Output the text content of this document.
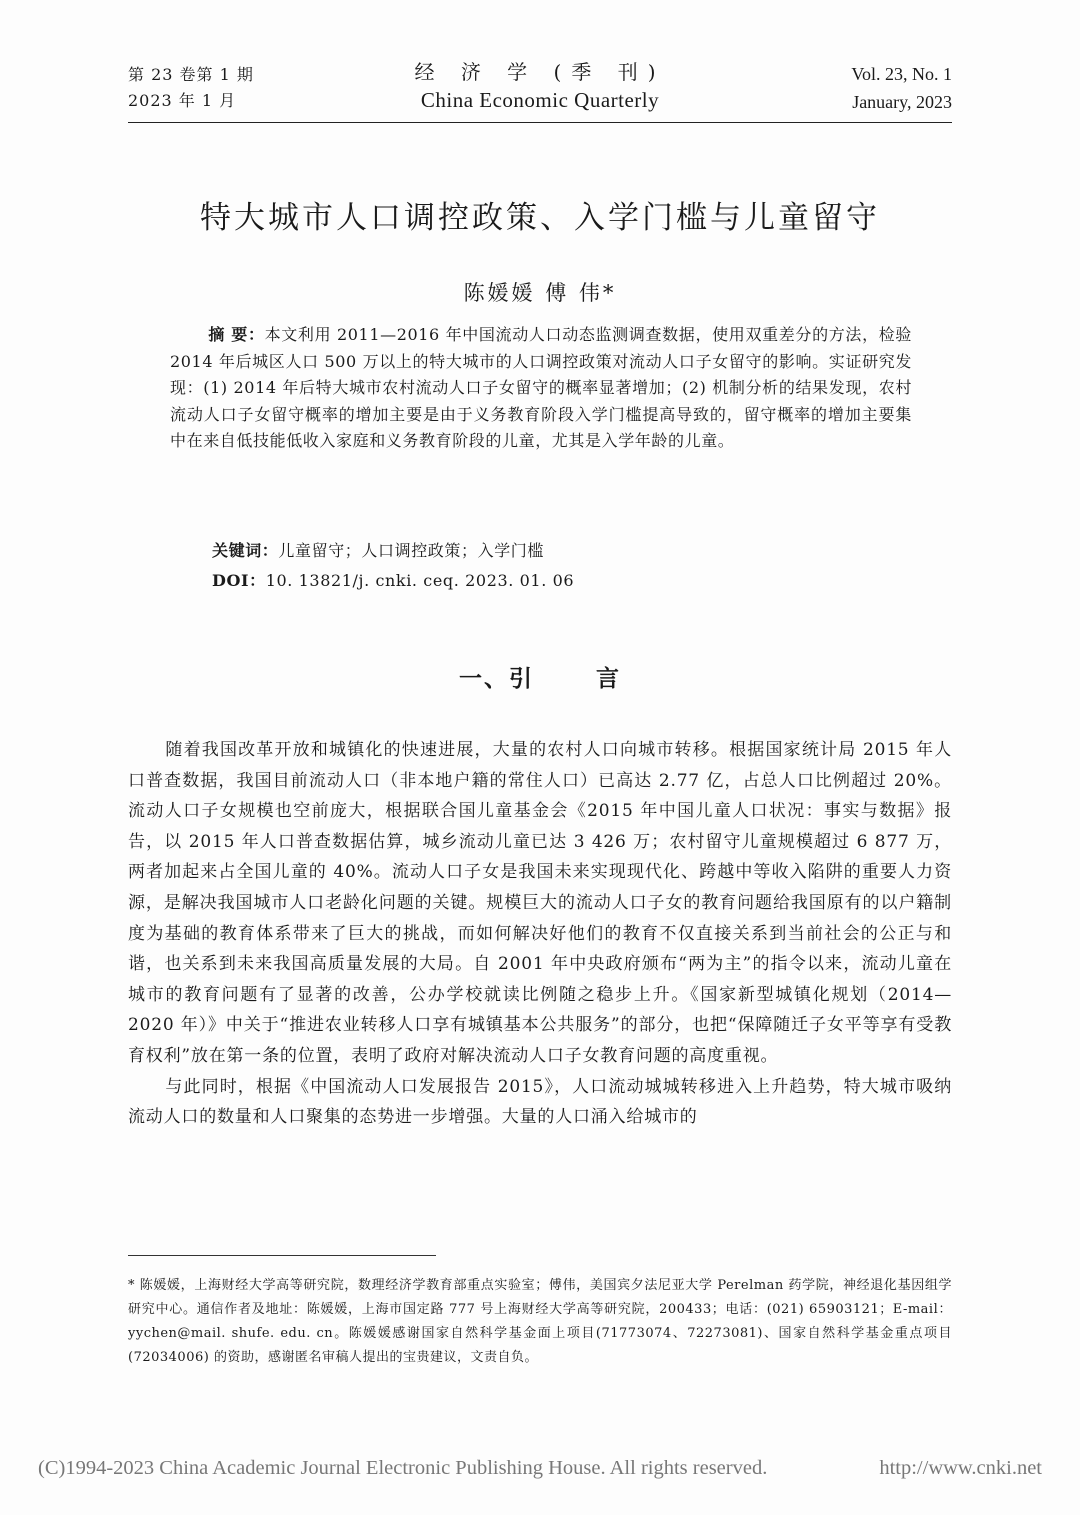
第 23 卷第 1 期
2023 年 1 月
经 济 学 (季 刊)
China Economic Quarterly
Vol. 23, No. 1
January, 2023
特大城市人口调控政策、入学门槛与儿童留守
陈媛媛 傅 伟*

摘 要：本文利用 2011—2016 年中国流动人口动态监测调查数据，使用双重差分的方法，检验 2014 年后城区人口 500 万以上的特大城市的人口调控政策对流动人口子女留守的影响。实证研究发现：(1) 2014 年后特大城市农村流动人口子女留守的概率显著增加；(2) 机制分析的结果发现，农村流动人口子女留守概率的增加主要是由于义务教育阶段入学门槛提高导致的，留守概率的增加主要集中在来自低技能低收入家庭和义务教育阶段的儿童，尤其是入学年龄的儿童。

关键词：儿童留守；人口调控政策；入学门槛
DOI：10. 13821/j. cnki. ceq. 2023. 01. 06
一、引	言

随着我国改革开放和城镇化的快速进展，大量的农村人口向城市转移。根据国家统计局 2015 年人口普查数据，我国目前流动人口（非本地户籍的常住人口）已高达 2.77 亿，占总人口比例超过 20%。流动人口子女规模也空前庞大，根据联合国儿童基金会《2015 年中国儿童人口状况：事实与数据》报告，以 2015 年人口普查数据估算，城乡流动儿童已达 3 426 万；农村留守儿童规模超过 6 877 万，两者加起来占全国儿童的 40%。流动人口子女是我国未来实现现代化、跨越中等收入陷阱的重要人力资源，是解决我国城市人口老龄化问题的关键。规模巨大的流动人口子女的教育问题给我国原有的以户籍制度为基础的教育体系带来了巨大的挑战，而如何解决好他们的教育不仅直接关系到当前社会的公正与和谐，也关系到未来我国高质量发展的大局。自 2001 年中央政府颁布“两为主”的指令以来，流动儿童在城市的教育问题有了显著的改善，公办学校就读比例随之稳步上升。《国家新型城镇化规划（2014—2020 年）》中关于“推进农业转移人口享有城镇基本公共服务”的部分，也把“保障随迁子女平等享有受教育权利”放在第一条的位置，表明了政府对解决流动人口子女教育问题的高度重视。

与此同时，根据《中国流动人口发展报告 2015》，人口流动城城转移进入上升趋势，特大城市吸纳流动人口的数量和人口聚集的态势进一步增强。大量的人口涌入给城市的

* 陈媛媛，上海财经大学高等研究院，数理经济学教育部重点实验室；傅伟，美国宾夕法尼亚大学 Perelman 药学院，神经退化基因组学研究中心。通信作者及地址：陈媛媛，上海市国定路 777 号上海财经大学高等研究院，200433；电话：(021) 65903121；E-mail：yychen@mail. shufe. edu. cn。陈媛媛感谢国家自然科学基金面上项目(71773074、72273081)、国家自然科学基金重点项目 (72034006) 的资助，感谢匿名审稿人提出的宝贵建议，文责自负。
(C)1994-2023 China Academic Journal Electronic Publishing House. All rights reserved.	http://www.cnki.net
